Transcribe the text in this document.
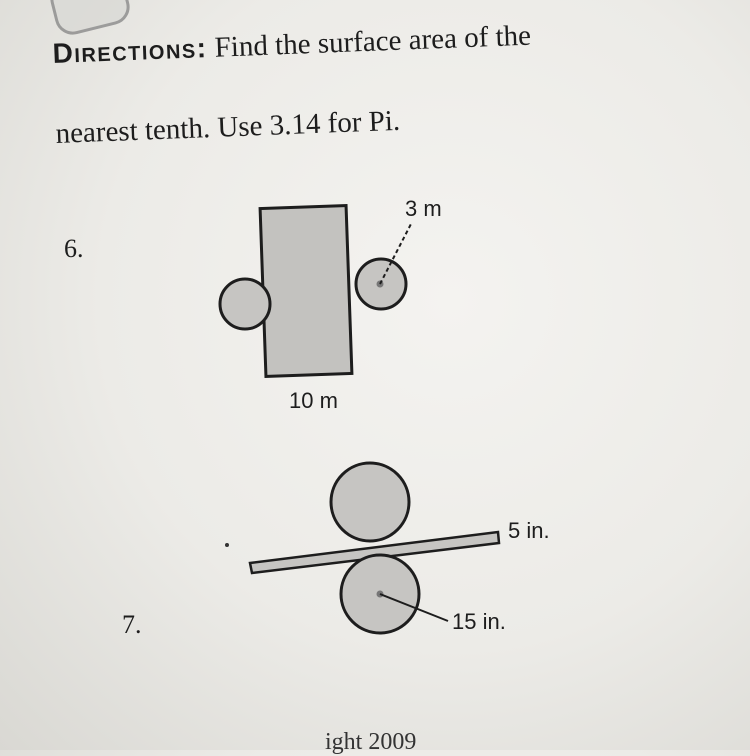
Directions: Find the surface area of the
nearest tenth. Use 3.14 for Pi.
6.
7.
3 m
10 m
5 in.
15 in.
ight 2009
